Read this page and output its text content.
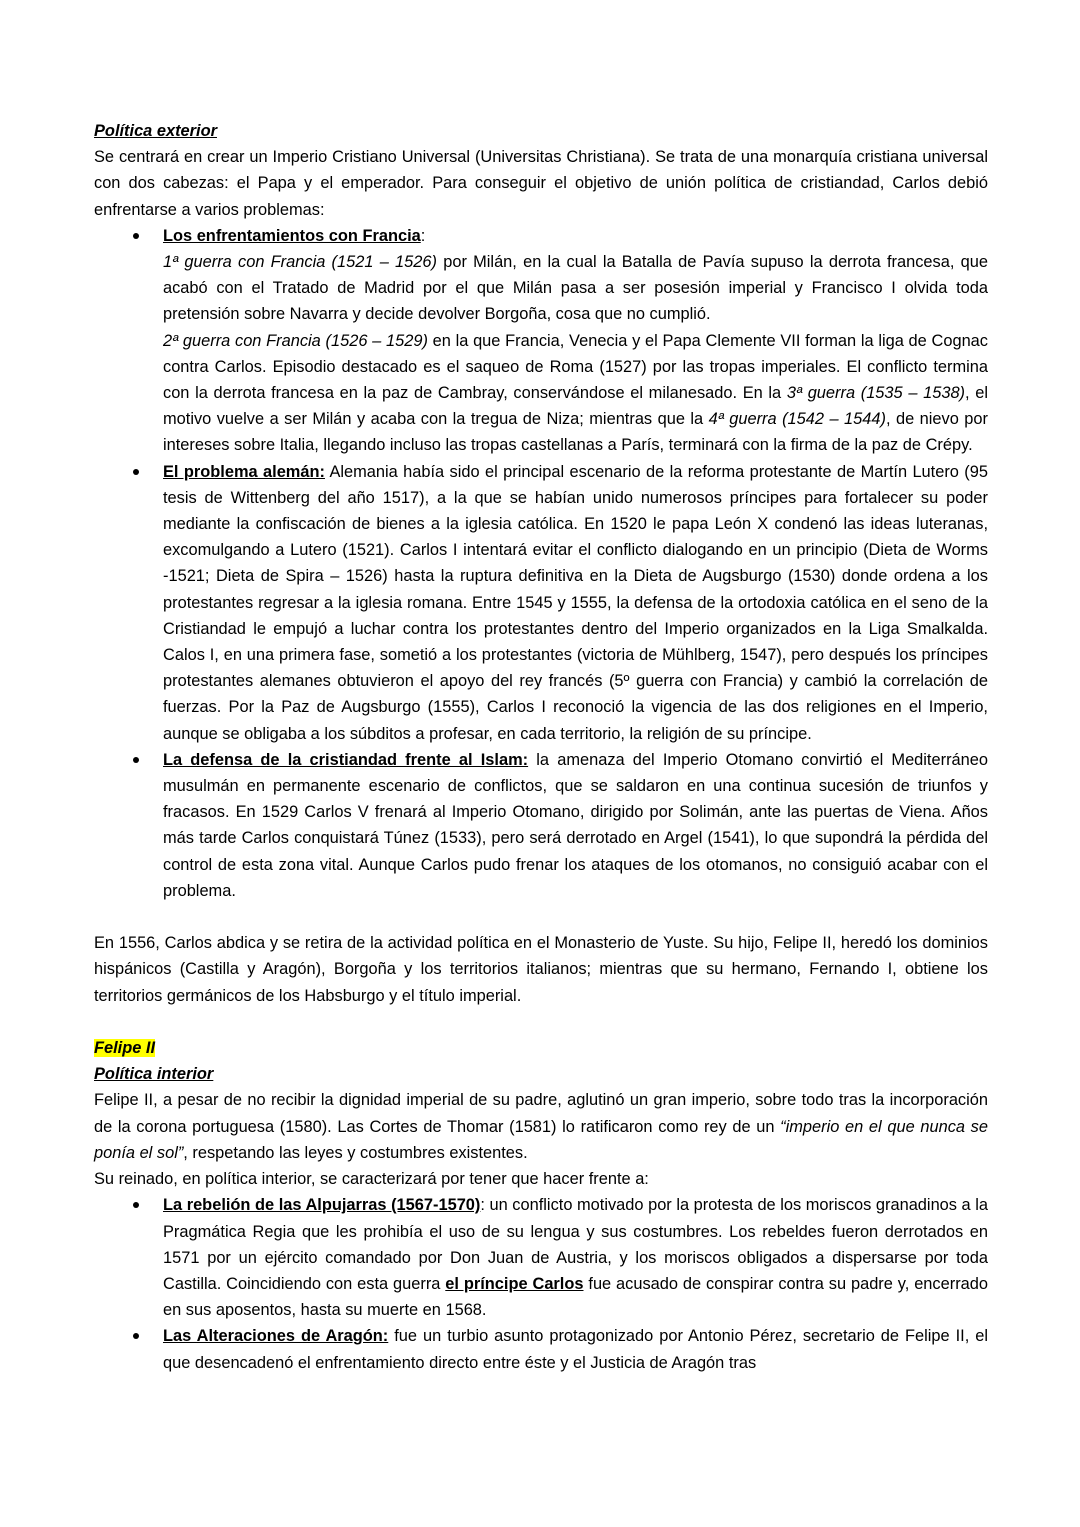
Política exterior
Se centrará en crear un Imperio Cristiano Universal (Universitas Christiana). Se trata de una monarquía cristiana universal con dos cabezas: el Papa y el emperador. Para conseguir el objetivo de unión política de cristiandad, Carlos debió enfrentarse a varios problemas:
Los enfrentamientos con Francia:
1ª guerra con Francia (1521 – 1526) por Milán, en la cual la Batalla de Pavía supuso la derrota francesa, que acabó con el Tratado de Madrid por el que Milán pasa a ser posesión imperial y Francisco I olvida toda pretensión sobre Navarra y decide devolver Borgoña, cosa que no cumplió.
2ª guerra con Francia (1526 – 1529) en la que Francia, Venecia y el Papa Clemente VII forman la liga de Cognac contra Carlos. Episodio destacado es el saqueo de Roma (1527) por las tropas imperiales. El conflicto termina con la derrota francesa en la paz de Cambray, conservándose el milanesado. En la 3ª guerra (1535 – 1538), el motivo vuelve a ser Milán y acaba con la tregua de Niza; mientras que la 4ª guerra (1542 – 1544), de nievo por intereses sobre Italia, llegando incluso las tropas castellanas a París, terminará con la firma de la paz de Crépy.
El problema alemán: Alemania había sido el principal escenario de la reforma protestante de Martín Lutero (95 tesis de Wittenberg del año 1517), a la que se habían unido numerosos príncipes para fortalecer su poder mediante la confiscación de bienes a la iglesia católica. En 1520 le papa León X condenó las ideas luteranas, excomulgando a Lutero (1521). Carlos I intentará evitar el conflicto dialogando en un principio (Dieta de Worms -1521; Dieta de Spira – 1526) hasta la ruptura definitiva en la Dieta de Augsburgo (1530) donde ordena a los protestantes regresar a la iglesia romana. Entre 1545 y 1555, la defensa de la ortodoxia católica en el seno de la Cristiandad le empujó a luchar contra los protestantes dentro del Imperio organizados en la Liga Smalkalda. Calos I, en una primera fase, sometió a los protestantes (victoria de Mühlberg, 1547), pero después los príncipes protestantes alemanes obtuvieron el apoyo del rey francés (5º guerra con Francia) y cambió la correlación de fuerzas. Por la Paz de Augsburgo (1555), Carlos I reconoció la vigencia de las dos religiones en el Imperio, aunque se obligaba a los súbditos a profesar, en cada territorio, la religión de su príncipe.
La defensa de la cristiandad frente al Islam: la amenaza del Imperio Otomano convirtió el Mediterráneo musulmán en permanente escenario de conflictos, que se saldaron en una continua sucesión de triunfos y fracasos. En 1529 Carlos V frenará al Imperio Otomano, dirigido por Solimán, ante las puertas de Viena. Años más tarde Carlos conquistará Túnez (1533), pero será derrotado en Argel (1541), lo que supondrá la pérdida del control de esta zona vital. Aunque Carlos pudo frenar los ataques de los otomanos, no consiguió acabar con el problema.
En 1556, Carlos abdica y se retira de la actividad política en el Monasterio de Yuste. Su hijo, Felipe II, heredó los dominios hispánicos (Castilla y Aragón), Borgoña y los territorios italianos; mientras que su hermano, Fernando I, obtiene los territorios germánicos de los Habsburgo y el título imperial.
Felipe II
Política interior
Felipe II, a pesar de no recibir la dignidad imperial de su padre, aglutinó un gran imperio, sobre todo tras la incorporación de la corona portuguesa (1580). Las Cortes de Thomar (1581) lo ratificaron como rey de un “imperio en el que nunca se ponía el sol”, respetando las leyes y costumbres existentes.
Su reinado, en política interior, se caracterizará por tener que hacer frente a:
La rebelión de las Alpujarras (1567-1570): un conflicto motivado por la protesta de los moriscos granadinos a la Pragmática Regia que les prohibía el uso de su lengua y sus costumbres. Los rebeldes fueron derrotados en 1571 por un ejército comandado por Don Juan de Austria, y los moriscos obligados a dispersarse por toda Castilla. Coincidiendo con esta guerra el príncipe Carlos fue acusado de conspirar contra su padre y, encerrado en sus aposentos, hasta su muerte en 1568.
Las Alteraciones de Aragón: fue un turbio asunto protagonizado por Antonio Pérez, secretario de Felipe II, el que desencadenó el enfrentamiento directo entre éste y el Justicia de Aragón tras
